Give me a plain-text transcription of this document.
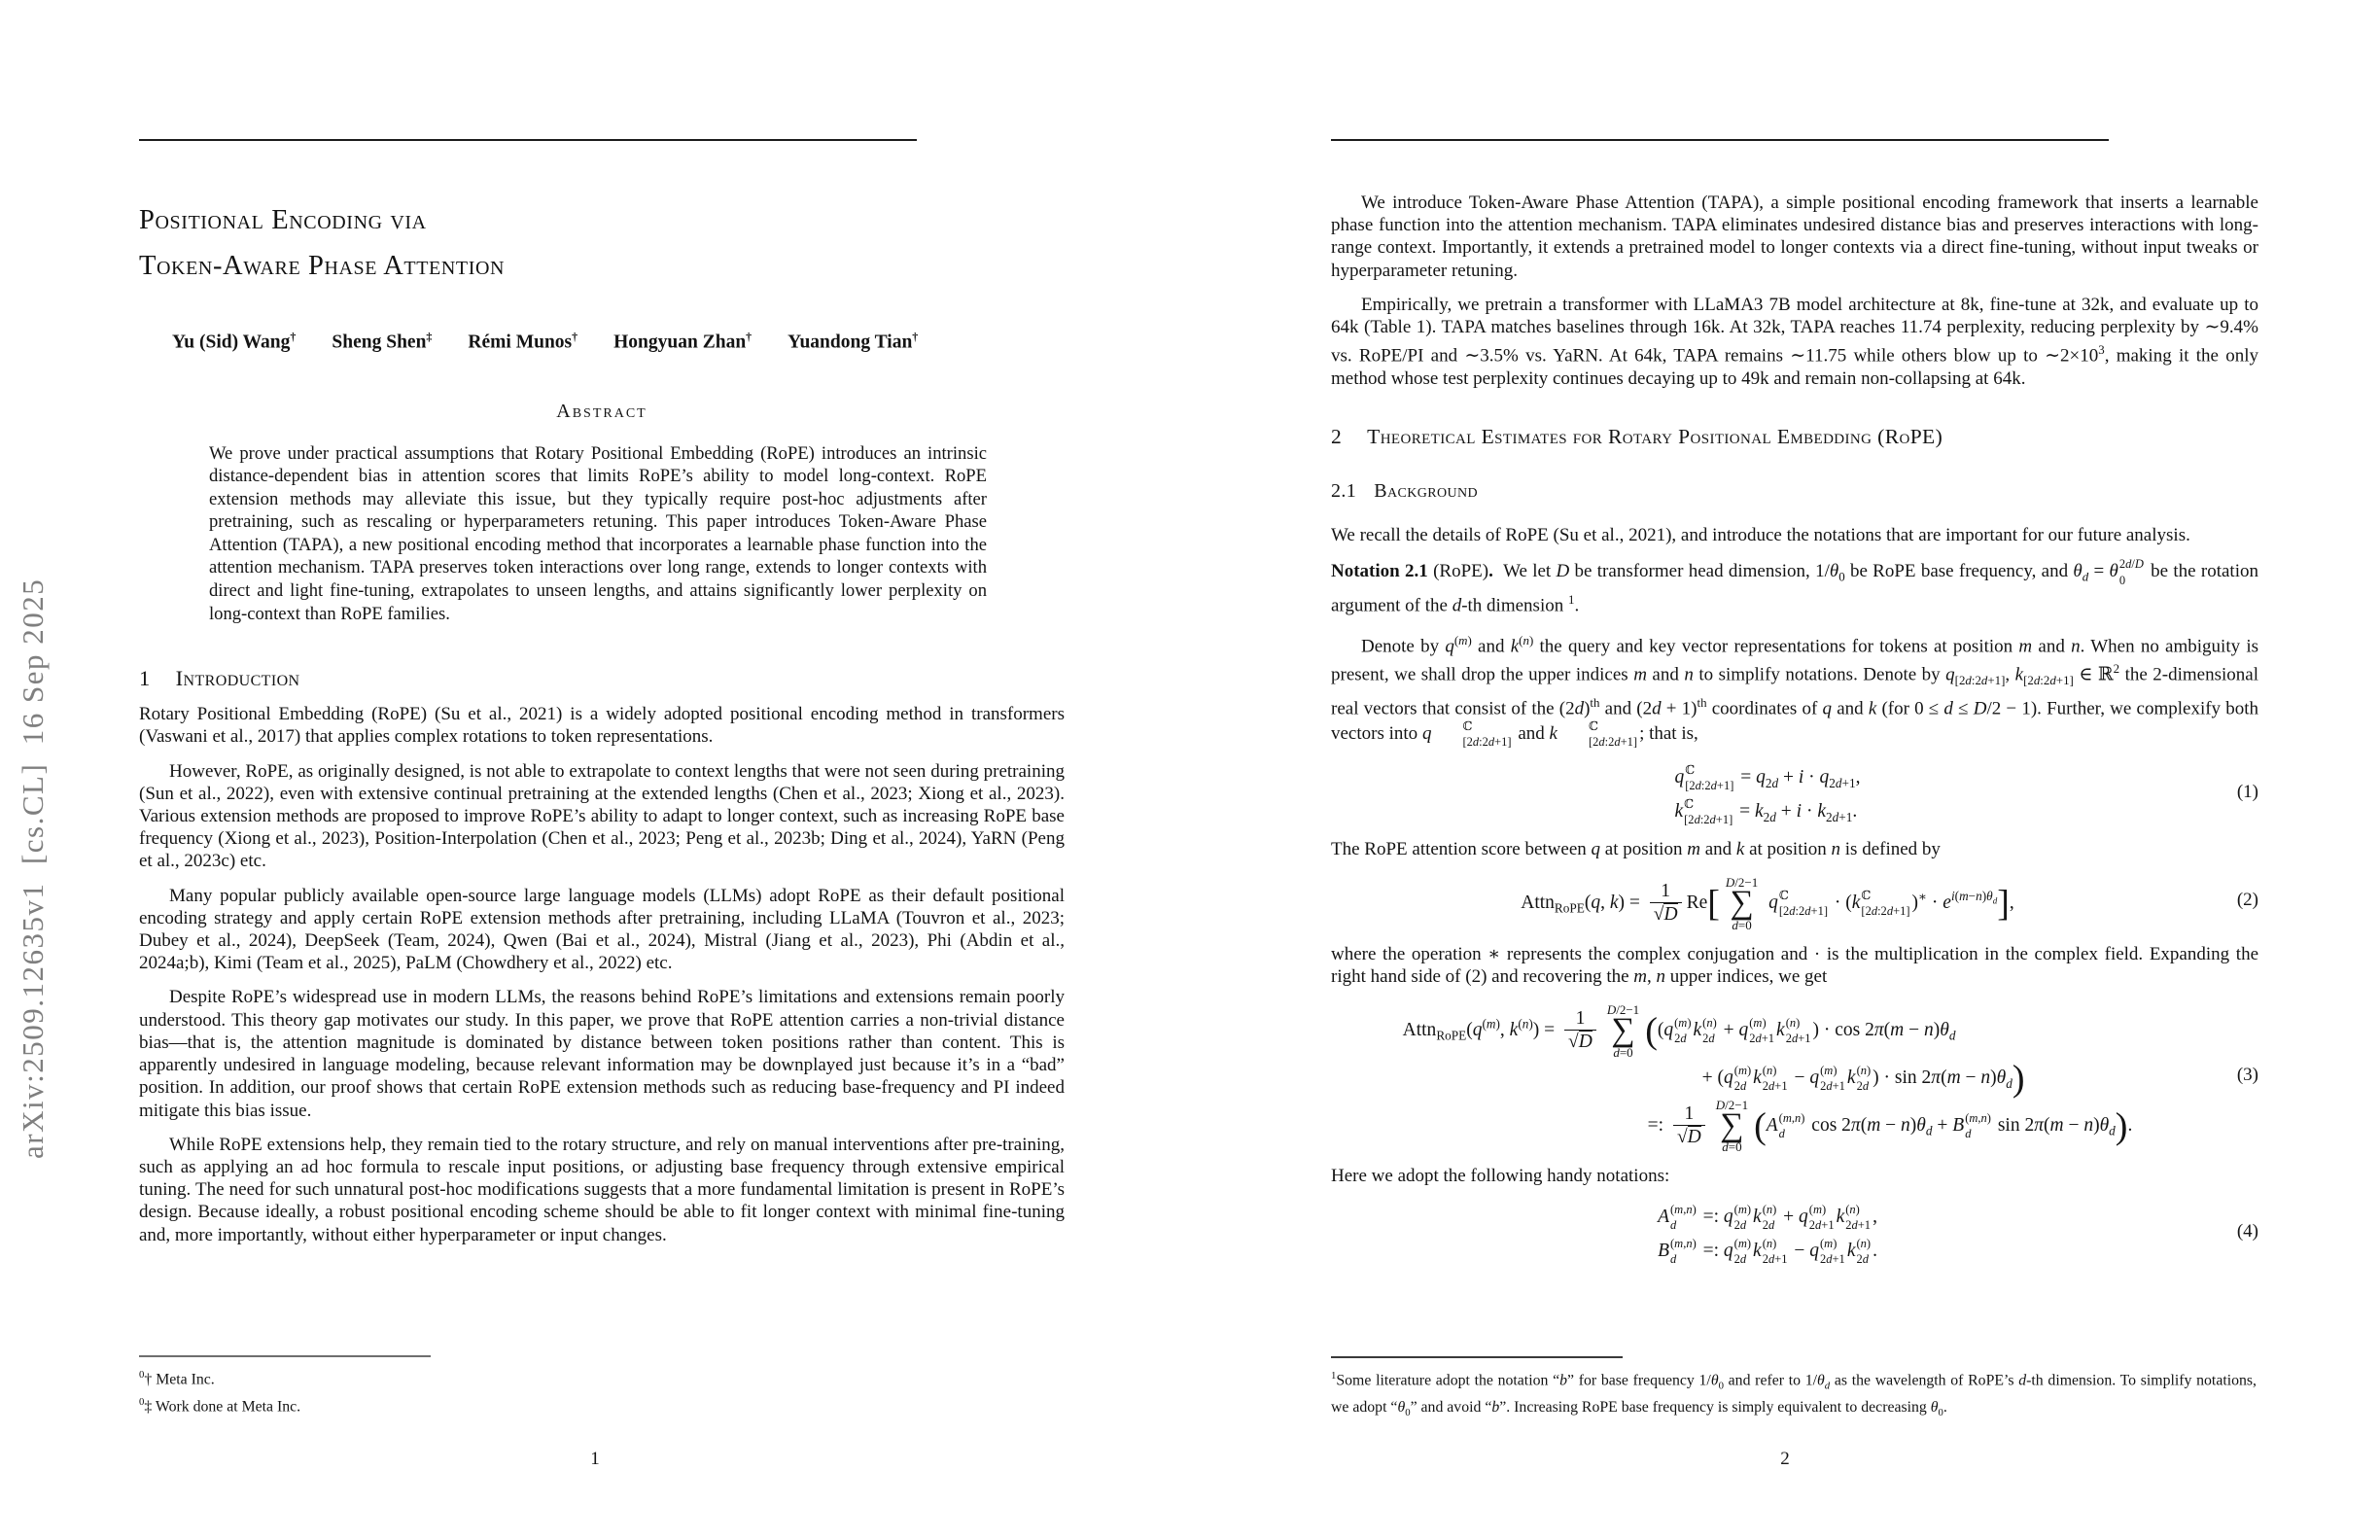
arXiv:2509.12635v1  [cs.CL]  16 Sep 2025
Positional Encoding via
Token-Aware Phase Attention
Yu (Sid) Wang† Sheng Shen‡ Rémi Munos† Hongyuan Zhan† Yuandong Tian†
Abstract
We prove under practical assumptions that Rotary Positional Embedding (RoPE) introduces an intrinsic distance-dependent bias in attention scores that limits RoPE’s ability to model long-context. RoPE extension methods may alleviate this issue, but they typically require post-hoc adjustments after pretraining, such as rescaling or hyperparameters retuning. This paper introduces Token-Aware Phase Attention (TAPA), a new positional encoding method that incorporates a learnable phase function into the attention mechanism. TAPA preserves token interactions over long range, extends to longer contexts with direct and light fine-tuning, extrapolates to unseen lengths, and attains significantly lower perplexity on long-context than RoPE families.
1 Introduction
Rotary Positional Embedding (RoPE) (Su et al., 2021) is a widely adopted positional encoding method in transformers (Vaswani et al., 2017) that applies complex rotations to token representations.
However, RoPE, as originally designed, is not able to extrapolate to context lengths that were not seen during pretraining (Sun et al., 2022), even with extensive continual pretraining at the extended lengths (Chen et al., 2023; Xiong et al., 2023). Various extension methods are proposed to improve RoPE’s ability to adapt to longer context, such as increasing RoPE base frequency (Xiong et al., 2023), Position-Interpolation (Chen et al., 2023; Peng et al., 2023b; Ding et al., 2024), YaRN (Peng et al., 2023c) etc.
Many popular publicly available open-source large language models (LLMs) adopt RoPE as their default positional encoding strategy and apply certain RoPE extension methods after pretraining, including LLaMA (Touvron et al., 2023; Dubey et al., 2024), DeepSeek (Team, 2024), Qwen (Bai et al., 2024), Mistral (Jiang et al., 2023), Phi (Abdin et al., 2024a;b), Kimi (Team et al., 2025), PaLM (Chowdhery et al., 2022) etc.
Despite RoPE’s widespread use in modern LLMs, the reasons behind RoPE’s limitations and extensions remain poorly understood. This theory gap motivates our study. In this paper, we prove that RoPE attention carries a non-trivial distance bias—that is, the attention magnitude is dominated by distance between token positions rather than content. This is apparently undesired in language modeling, because relevant information may be downplayed just because it’s in a “bad” position. In addition, our proof shows that certain RoPE extension methods such as reducing base-frequency and PI indeed mitigate this bias issue.
While RoPE extensions help, they remain tied to the rotary structure, and rely on manual interventions after pre-training, such as applying an ad hoc formula to rescale input positions, or adjusting base frequency through extensive empirical tuning. The need for such unnatural post-hoc modifications suggests that a more fundamental limitation is present in RoPE’s design. Because ideally, a robust positional encoding scheme should be able to fit longer context with minimal fine-tuning and, more importantly, without either hyperparameter or input changes.
$^0$† Meta Inc.
$^0$‡ Work done at Meta Inc.
1
We introduce Token-Aware Phase Attention (TAPA), a simple positional encoding framework that inserts a learnable phase function into the attention mechanism. TAPA eliminates undesired distance bias and preserves interactions with long-range context. Importantly, it extends a pretrained model to longer contexts via a direct fine-tuning, without input tweaks or hyperparameter retuning.
Empirically, we pretrain a transformer with LLaMA3 7B model architecture at 8k, fine-tune at 32k, and evaluate up to 64k (Table 1). TAPA matches baselines through 16k. At 32k, TAPA reaches 11.74 perplexity, reducing perplexity by ∼9.4% vs. RoPE/PI and ∼3.5% vs. YaRN. At 64k, TAPA remains ∼11.75 while others blow up to $\sim 2\times 10^3$, making it the only method whose test perplexity continues decaying up to 49k and remain non-collapsing at 64k.
2 Theoretical Estimates for Rotary Positional Embedding (RoPE)
2.1 Background
We recall the details of RoPE (Su et al., 2021), and introduce the notations that are important for our future analysis.
Notation 2.1 (RoPE).  We let D be transformer head dimension, $1/\theta_0$ be RoPE base frequency, and $\theta_d = \theta$ 2d/D
0 be the rotation argument of the d-th dimension $^1$.
Denote by $q^{(m)}$ and $k^{(n)}$ the query and key vector representations for tokens at position m and n. When no ambiguity is present, we shall drop the upper indices m and n to simplify notations. Denote by $q_{[2d:2d+1]}$, $k_{[2d:2d+1]}$ ∈ ℝ$^2$ the 2-dimensional real vectors that consist of the $(2d)^{th}$ and $(2d + 1)^{th}$ coordinates of q and k (for 0 ≤ d ≤ D/2 − 1). Further, we complexify both vectors into q	ℂ
[2d:2d+1] and k	ℂ
[2d:2d+1] ; that is,
q ℂ
[2d:2d+1] = $q_{2d} + i \cdot q_{2d+1}$,
k ℂ
[2d:2d+1] = $k_{2d} + i \cdot k_{2d+1}$.
(1)
The RoPE attention score between q at position m and k at position n is defined by
Attn$_{RoPE}$(q, $k) = \frac{1}{√D} Re$[
D/2−1
∑
d=0
q ℂ
[2d:2d+1] · (k ℂ
[2d:2d+1] )$^∗ \cdot e^{i(m-n)\theta_d}$],	(2)
where the operation ∗ represents the complex conjugation and · is the multiplication in the complex field. Expanding the right hand side of (2) and recovering the m, n upper indices, we get
$Attn_{RoPE}(q^{(m)}$, $k^{(n)}) = \frac{1}{√D} D/2-1$
∑
d=0
((q (m)
2d k (n)
2d + q (m)
2d+1 k (n)
2d+1 ) · $\cos 2\pi(m - n)\theta_d$
+ (q (m)
2d k (n)
2d+1 − q (m)
2d+1 k (n)
2d ) · $\sin 2\pi(m - n)\theta_d$)
=: $\frac{1}{√D} D/2-1$
∑
d=0
(A (m,n)
d $\cos 2\pi(m - n)\theta_d + B$ (m,n)
d $\sin 2\pi(m - n)\theta_d$).
(3)
Here we adopt the following handy notations:
A (m,n)
d =: q (m)
2d k (n)
2d + q (m)
2d+1 k (n)
2d+1 ,
B (m,n)
d =: q (m)
2d k (n)
2d+1 − q (m)
2d+1 k (n)
2d .
(4)
$^1$Some literature adopt the notation “b” for base frequency $1/\theta_0$ and refer to $1/\theta_d$ as the wavelength of RoPE’s d-th dimension. To simplify notations, we adopt “$\theta_0$” and avoid “b”. Increasing RoPE base frequency is simply equivalent to decreasing $\theta_0$.
2
